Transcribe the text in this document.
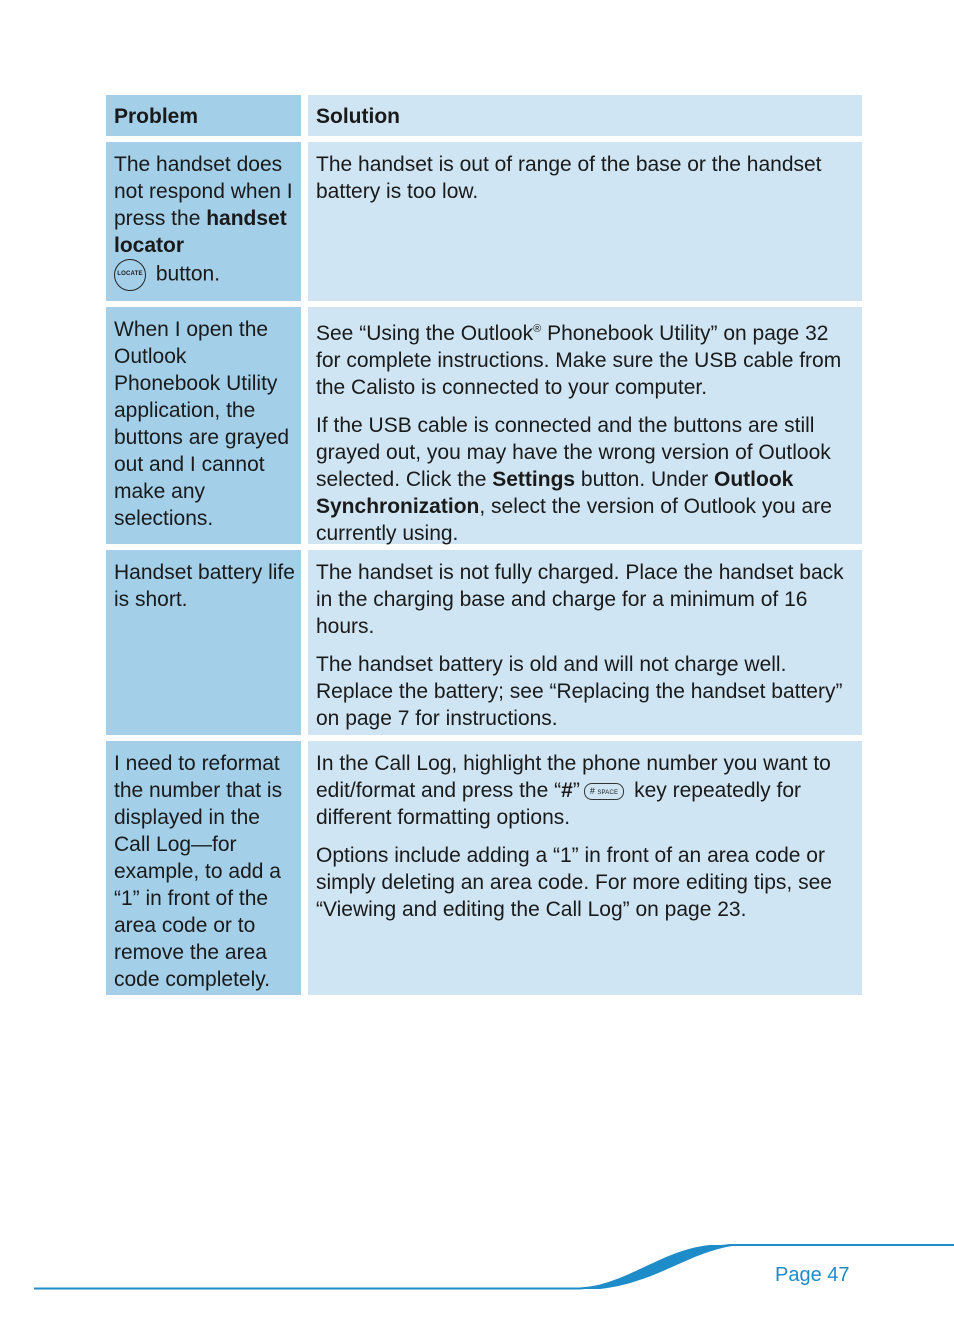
Problem	Solution
The handset does not respond when I press the handset locator
LOCATE button.

The handset is out of range of the base or the handset battery is too low.

When I open the Outlook Phonebook Utility application, the buttons are grayed out and I cannot make any selections.

See “Using the Outlook® Phonebook Utility” on page 32 for complete instructions. Make sure the USB cable from the Calisto is connected to your computer.

If the USB cable is connected and the buttons are still grayed out, you may have the wrong version of Outlook selected. Click the Settings button. Under Outlook Synchronization, select the version of Outlook you are currently using.

Handset battery life is short.

The handset is not fully charged. Place the handset back in the charging base and charge for a minimum of 16 hours.

The handset battery is old and will not charge well. Replace the battery; see “Replacing the handset battery” on page 7 for instructions.

I need to reformat the number that is displayed in the Call Log—for example, to add a “1” in front of the area code or to remove the area code completely.

In the Call Log, highlight the phone number you want to edit/format and press the “#” # SPACE key repeatedly for different formatting options.

Options include adding a “1” in front of an area code or simply deleting an area code. For more editing tips, see “Viewing and editing the Call Log” on page 23.

Page 47
